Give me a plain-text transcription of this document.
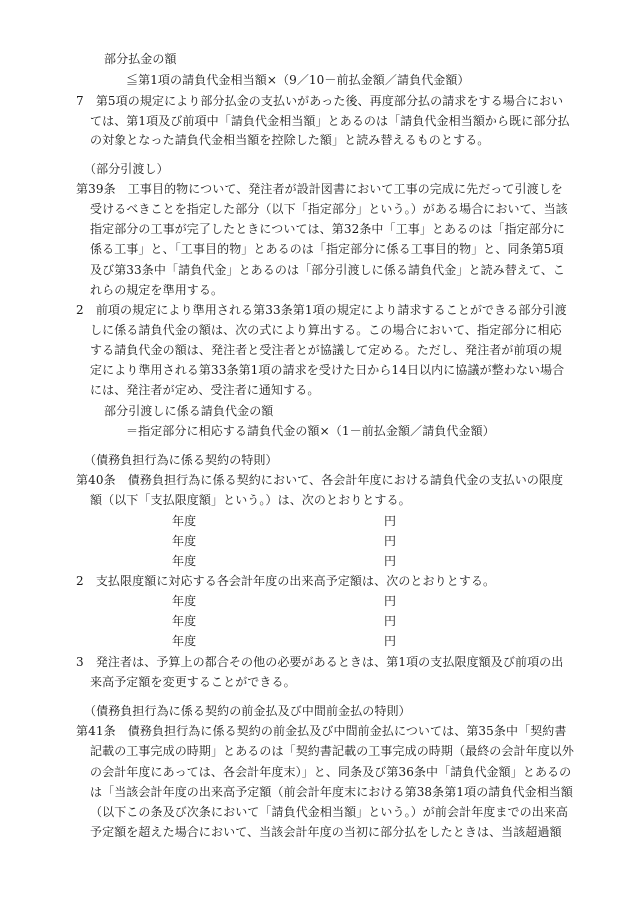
部分払金の額
≦第1項の請負代金相当額×（9／10－前払金額／請負代金額）
7　第5項の規定により部分払金の支払いがあった後、再度部分払の請求をする場合におい
ては、第1項及び前項中「請負代金相当額」とあるのは「請負代金相当額から既に部分払
の対象となった請負代金相当額を控除した額」と読み替えるものとする。
（部分引渡し）
第39条　工事目的物について、発注者が設計図書において工事の完成に先だって引渡しを
受けるべきことを指定した部分（以下「指定部分」という。）がある場合において、当該
指定部分の工事が完了したときについては、第32条中「工事」とあるのは「指定部分に
係る工事」と、「工事目的物」とあるのは「指定部分に係る工事目的物」と、同条第5項
及び第33条中「請負代金」とあるのは「部分引渡しに係る請負代金」と読み替えて、こ
れらの規定を準用する。
2　前項の規定により準用される第33条第1項の規定により請求することができる部分引渡
しに係る請負代金の額は、次の式により算出する。この場合において、指定部分に相応
する請負代金の額は、発注者と受注者とが協議して定める。ただし、発注者が前項の規
定により準用される第33条第1項の請求を受けた日から14日以内に協議が整わない場合
には、発注者が定め、受注者に通知する。
部分引渡しに係る請負代金の額
＝指定部分に相応する請負代金の額×（1－前払金額／請負代金額）
（債務負担行為に係る契約の特則）
第40条　債務負担行為に係る契約において、各会計年度における請負代金の支払いの限度
額（以下「支払限度額」という。）は、次のとおりとする。
年度	円
年度	円
年度	円
2　支払限度額に対応する各会計年度の出来高予定額は、次のとおりとする。
年度	円
年度	円
年度	円
3　発注者は、予算上の都合その他の必要があるときは、第1項の支払限度額及び前項の出
来高予定額を変更することができる。
（債務負担行為に係る契約の前金払及び中間前金払の特則）
第41条　債務負担行為に係る契約の前金払及び中間前金払については、第35条中「契約書
記載の工事完成の時期」とあるのは「契約書記載の工事完成の時期（最終の会計年度以外
の会計年度にあっては、各会計年度末）」と、同条及び第36条中「請負代金額」とあるの
は「当該会計年度の出来高予定額（前会計年度末における第38条第1項の請負代金相当額
（以下この条及び次条において「請負代金相当額」という。）が前会計年度までの出来高
予定額を超えた場合において、当該会計年度の当初に部分払をしたときは、当該超過額
